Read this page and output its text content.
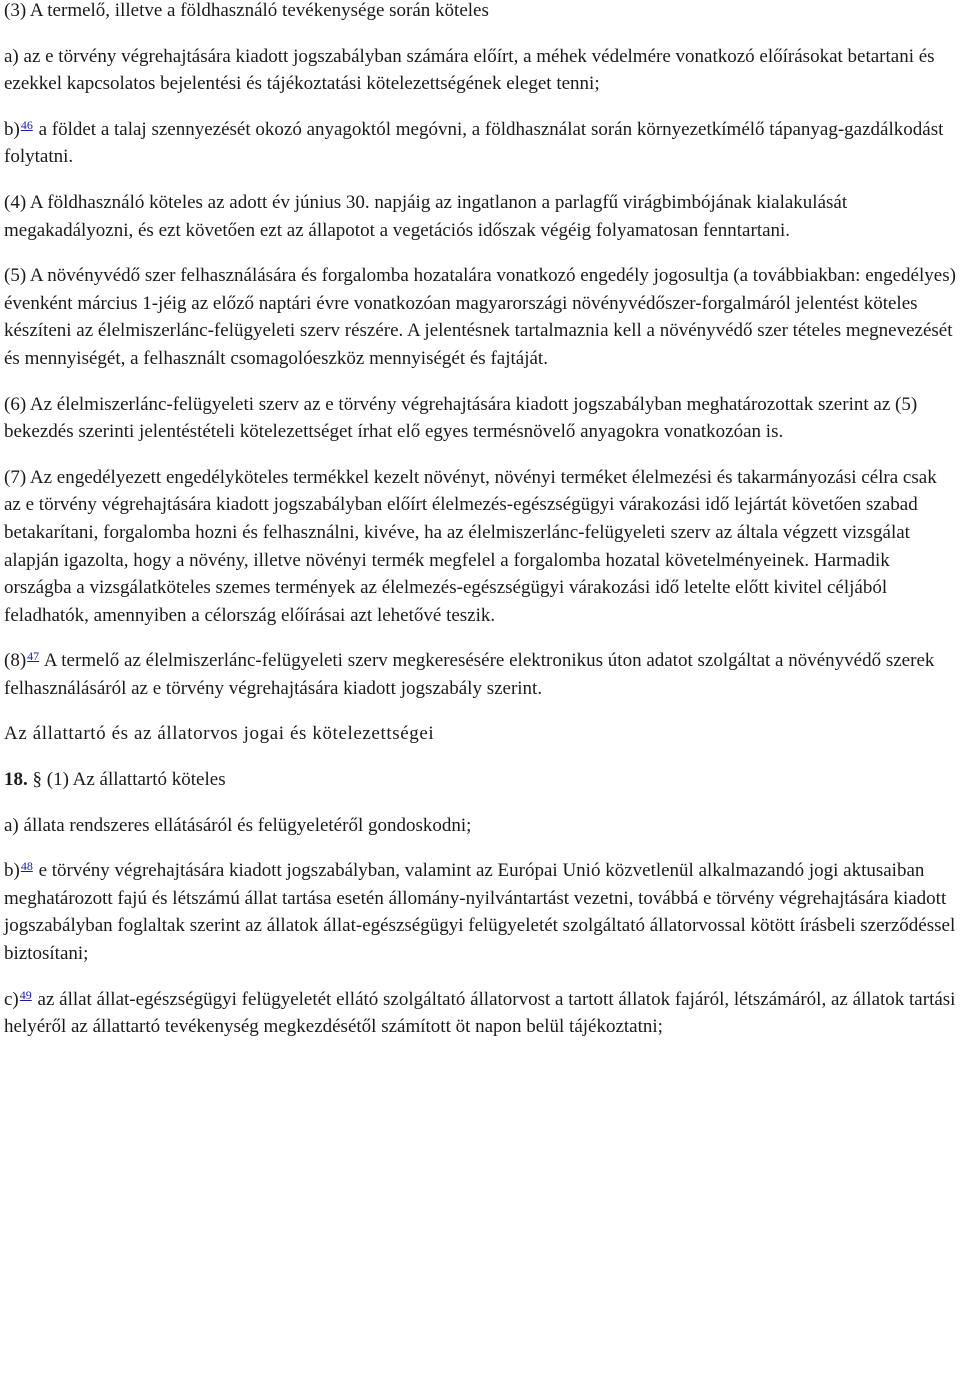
(3) A termelő, illetve a földhasználó tevékenysége során köteles

a) az e törvény végrehajtására kiadott jogszabályban számára előírt, a méhek védelmére vonatkozó előírásokat betartani és ezekkel kapcsolatos bejelentési és tájékoztatási kötelezettségének eleget tenni;

b)$^{46}$ a földet a talaj szennyezését okozó anyagoktól megóvni, a földhasználat során környezetkímélő tápanyag-gazdálkodást folytatni.

(4) A földhasználó köteles az adott év június 30. napjáig az ingatlanon a parlagfű virágbimbójának kialakulását megakadályozni, és ezt követően ezt az állapotot a vegetációs időszak végéig folyamatosan fenntartani.

(5) A növényvédő szer felhasználására és forgalomba hozatalára vonatkozó engedély jogosultja (a továbbiakban: engedélyes) évenként március 1-jéig az előző naptári évre vonatkozóan magyarországi növényvédőszer-forgalmáról jelentést köteles készíteni az élelmiszerlánc-felügyeleti szerv részére. A jelentésnek tartalmaznia kell a növényvédő szer tételes megnevezését és mennyiségét, a felhasznált csomagolóeszköz mennyiségét és fajtáját.

(6) Az élelmiszerlánc-felügyeleti szerv az e törvény végrehajtására kiadott jogszabályban meghatározottak szerint az (5) bekezdés szerinti jelentéstételi kötelezettséget írhat elő egyes termésnövelő anyagokra vonatkozóan is.

(7) Az engedélyezett engedélyköteles termékkel kezelt növényt, növényi terméket élelmezési és takarmányozási célra csak az e törvény végrehajtására kiadott jogszabályban előírt élelmezés-egészségügyi várakozási idő lejártát követően szabad betakarítani, forgalomba hozni és felhasználni, kivéve, ha az élelmiszerlánc-felügyeleti szerv az általa végzett vizsgálat alapján igazolta, hogy a növény, illetve növényi termék megfelel a forgalomba hozatal követelményeinek. Harmadik országba a vizsgálatköteles szemes termények az élelmezés-egészségügyi várakozási idő letelte előtt kivitel céljából feladhatók, amennyiben a célország előírásai azt lehetővé teszik.

(8)$^{47}$ A termelő az élelmiszerlánc-felügyeleti szerv megkeresésére elektronikus úton adatot szolgáltat a növényvédő szerek felhasználásáról az e törvény végrehajtására kiadott jogszabály szerint.

Az állattartó és az állatorvos jogai és kötelezettségei

18. § (1) Az állattartó köteles

a) állata rendszeres ellátásáról és felügyeletéről gondoskodni;

b)$^{48}$ e törvény végrehajtására kiadott jogszabályban, valamint az Európai Unió közvetlenül alkalmazandó jogi aktusaiban meghatározott fajú és létszámú állat tartása esetén állomány-nyilvántartást vezetni, továbbá e törvény végrehajtására kiadott jogszabályban foglaltak szerint az állatok állat-egészségügyi felügyeletét szolgáltató állatorvossal kötött írásbeli szerződéssel biztosítani;

c)$^{49}$ az állat állat-egészségügyi felügyeletét ellátó szolgáltató állatorvost a tartott állatok fajáról, létszámáról, az állatok tartási helyéről az állattartó tevékenység megkezdésétől számított öt napon belül tájékoztatni;
